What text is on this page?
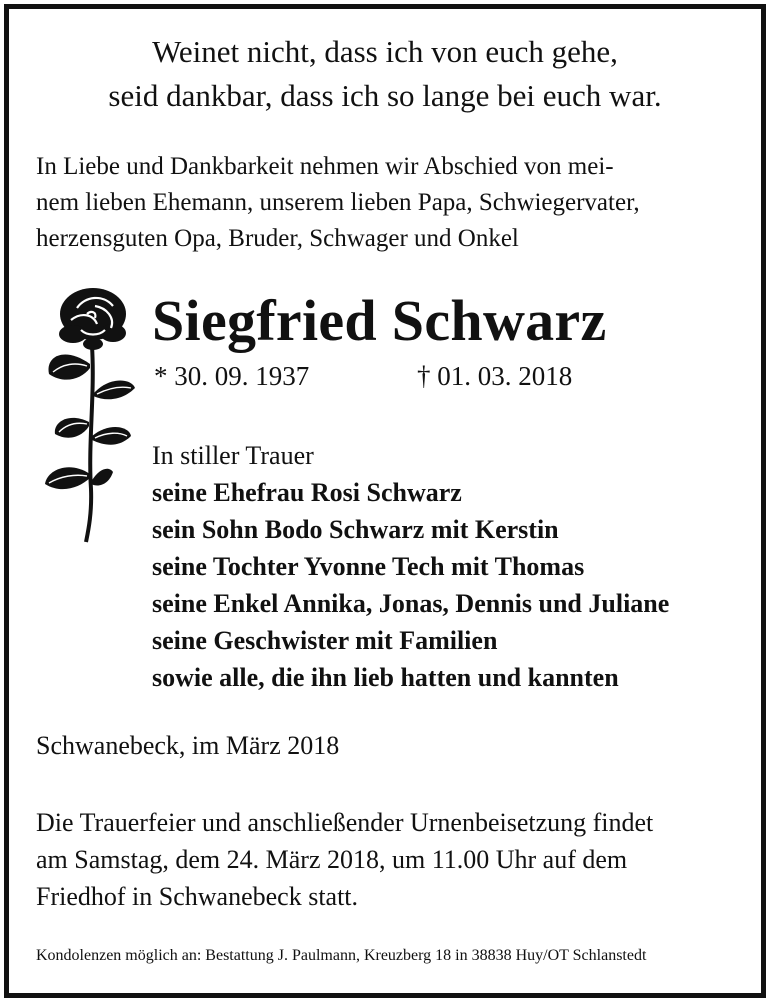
Weinet nicht, dass ich von euch gehe,
seid dankbar, dass ich so lange bei euch war.
In Liebe und Dankbarkeit nehmen wir Abschied von mei-
nem lieben Ehemann, unserem lieben Papa, Schwiegervater,
herzensguten Opa, Bruder, Schwager und Onkel
Siegfried Schwarz
* 30. 09. 1937	† 01. 03. 2018
In stiller Trauer
seine Ehefrau Rosi Schwarz
sein Sohn Bodo Schwarz mit Kerstin
seine Tochter Yvonne Tech mit Thomas
seine Enkel Annika, Jonas, Dennis und Juliane
seine Geschwister mit Familien
sowie alle, die ihn lieb hatten und kannten
Schwanebeck, im März 2018
Die Trauerfeier und anschließender Urnenbeisetzung findet
am Samstag, dem 24. März 2018, um 11.00 Uhr auf dem
Friedhof in Schwanebeck statt.
Kondolenzen möglich an: Bestattung J. Paulmann, Kreuzberg 18 in 38838 Huy/OT Schlanstedt
